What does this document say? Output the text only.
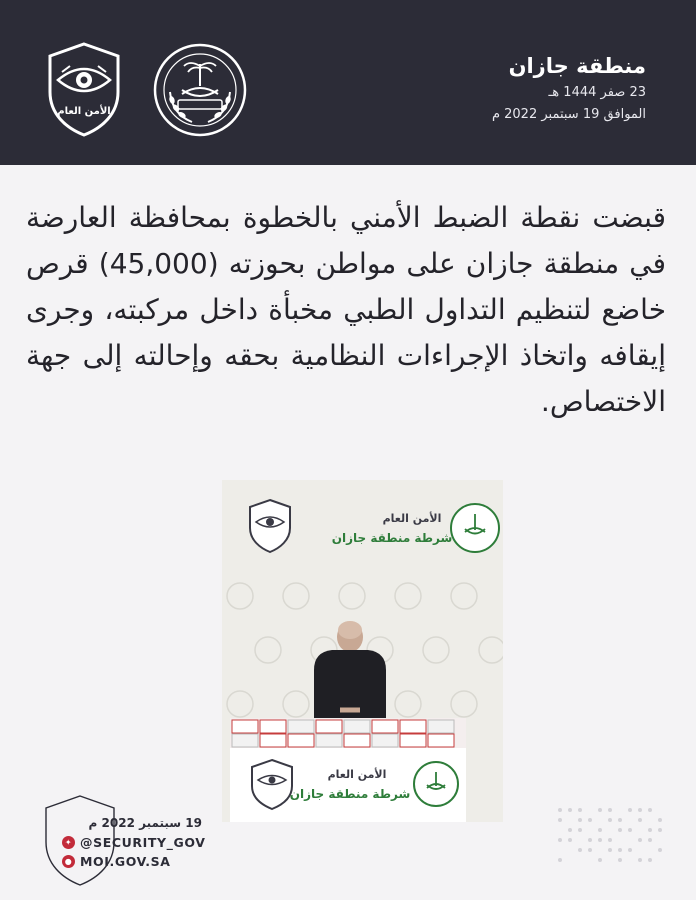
الأمن العام
منطقة جازان
23 صفر 1444 هـ
الموافق 19 سبتمبر 2022 م
قبضت نقطة الضبط الأمني بالخطوة بمحافظة العارضة في منطقة جازان على مواطن بحوزته (45,000) قرص خاضع لتنظيم التداول الطبي مخبأة داخل مركبته، وجرى إيقافه واتخاذ الإجراءات النظامية بحقه وإحالته إلى جهة الاختصاص.
الأمن العام
شرطة منطقة جازان
الأمن العام
شرطة منطقة جازان
19 سبتمبر 2022 م
✦ @SECURITY_GOV
● MOI.GOV.SA
